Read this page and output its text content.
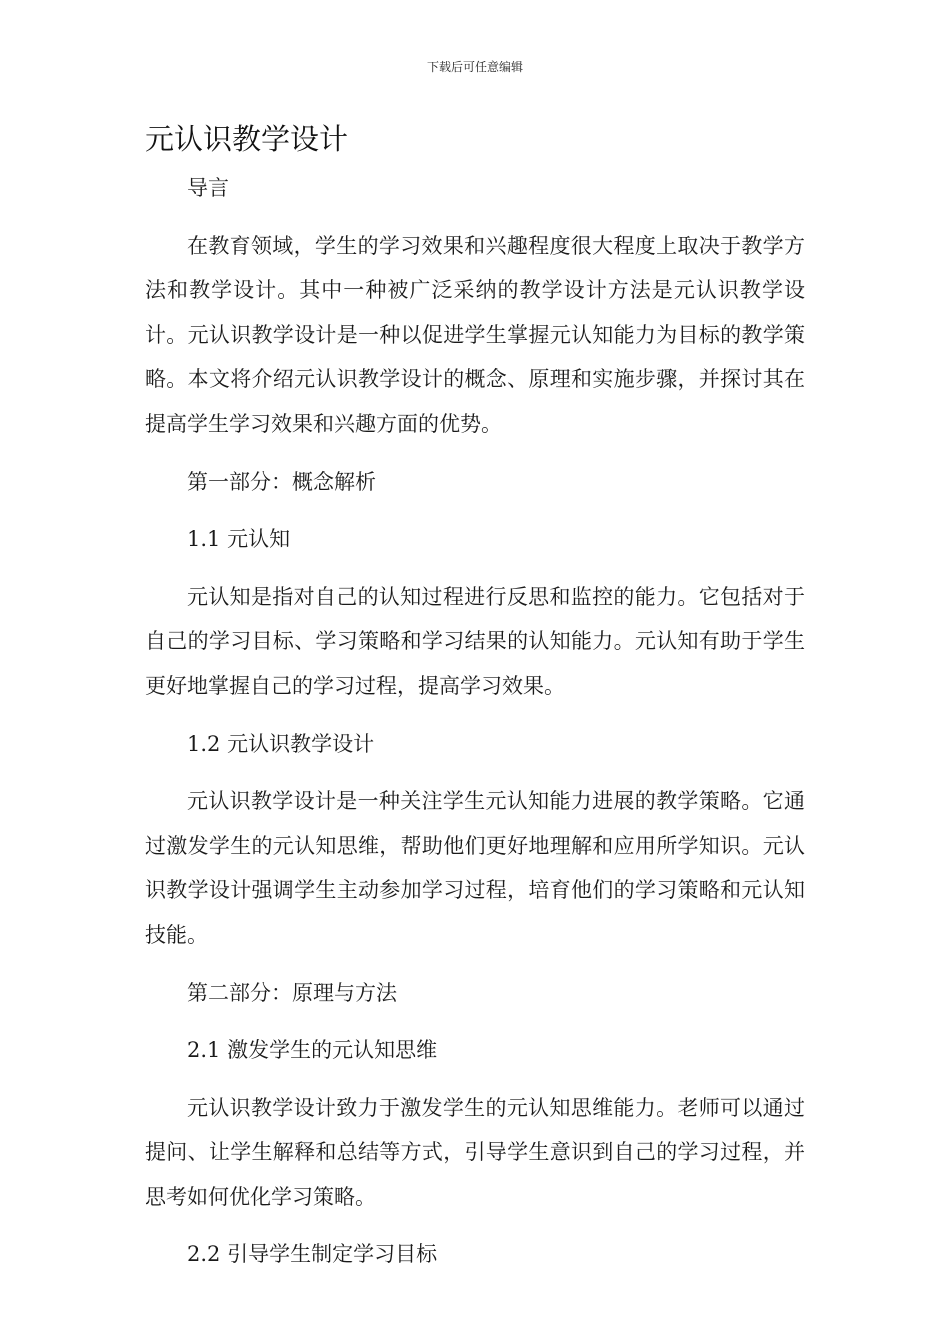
下载后可任意编辑
元认识教学设计

导言

在教育领域，学生的学习效果和兴趣程度很大程度上取决于教学方法和教学设计。其中一种被广泛采纳的教学设计方法是元认识教学设计。元认识教学设计是一种以促进学生掌握元认知能力为目标的教学策略。本文将介绍元认识教学设计的概念、原理和实施步骤，并探讨其在提高学生学习效果和兴趣方面的优势。

第一部分：概念解析

1.1 元认知

元认知是指对自己的认知过程进行反思和监控的能力。它包括对于自己的学习目标、学习策略和学习结果的认知能力。元认知有助于学生更好地掌握自己的学习过程，提高学习效果。

1.2 元认识教学设计

元认识教学设计是一种关注学生元认知能力进展的教学策略。它通过激发学生的元认知思维，帮助他们更好地理解和应用所学知识。元认识教学设计强调学生主动参加学习过程，培育他们的学习策略和元认知技能。

第二部分：原理与方法

2.1 激发学生的元认知思维

元认识教学设计致力于激发学生的元认知思维能力。老师可以通过提问、让学生解释和总结等方式，引导学生意识到自己的学习过程，并思考如何优化学习策略。

2.2 引导学生制定学习目标
